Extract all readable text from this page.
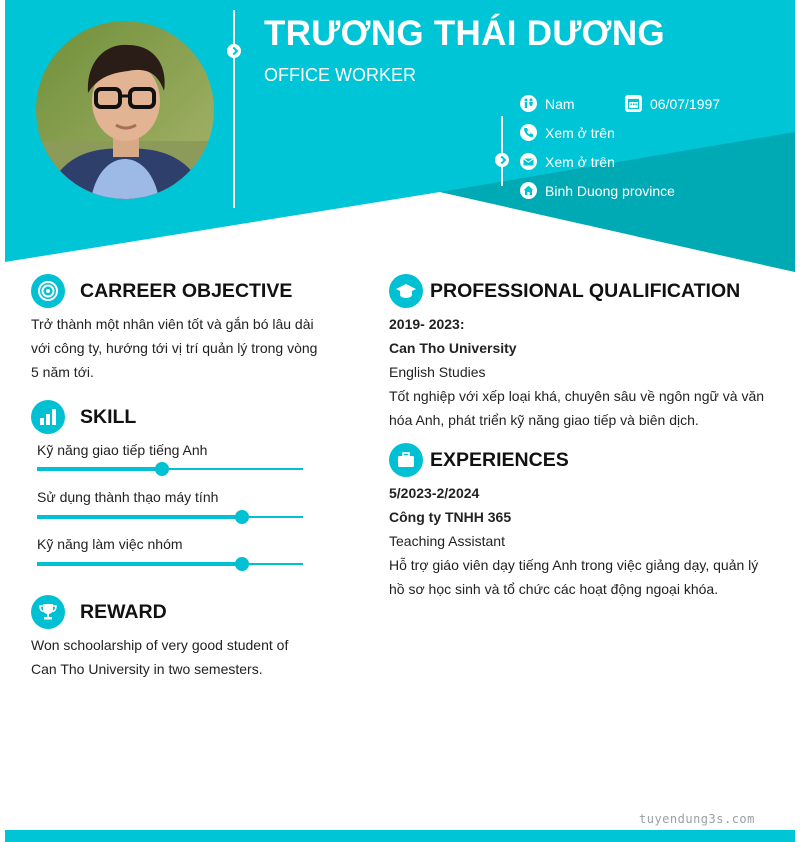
TRƯƠNG THÁI DƯƠNG
OFFICE WORKER
Nam	06/07/1997
Xem ở trên
Xem ở trên
Binh Duong province
CARREER OBJECTIVE
Trở thành một nhân viên tốt và gắn bó lâu dài
với công ty, hướng tới vị trí quản lý trong vòng
5 năm tới.
SKILL
Kỹ năng giao tiếp tiếng Anh
Sử dụng thành thạo máy tính
Kỹ năng làm việc nhóm
REWARD
Won schoolarship of very good student of
Can Tho University in two semesters.
PROFESSIONAL QUALIFICATION
2019- 2023:
Can Tho University
English Studies
Tốt nghiệp với xếp loại khá, chuyên sâu về ngôn ngữ và văn
hóa Anh, phát triển kỹ năng giao tiếp và biên dịch.
EXPERIENCES
5/2023-2/2024
Công ty TNHH 365
Teaching Assistant
Hỗ trợ giáo viên dạy tiếng Anh trong việc giảng dạy, quản lý
hồ sơ học sinh và tổ chức các hoạt động ngoại khóa.
tuyendung3s.com
